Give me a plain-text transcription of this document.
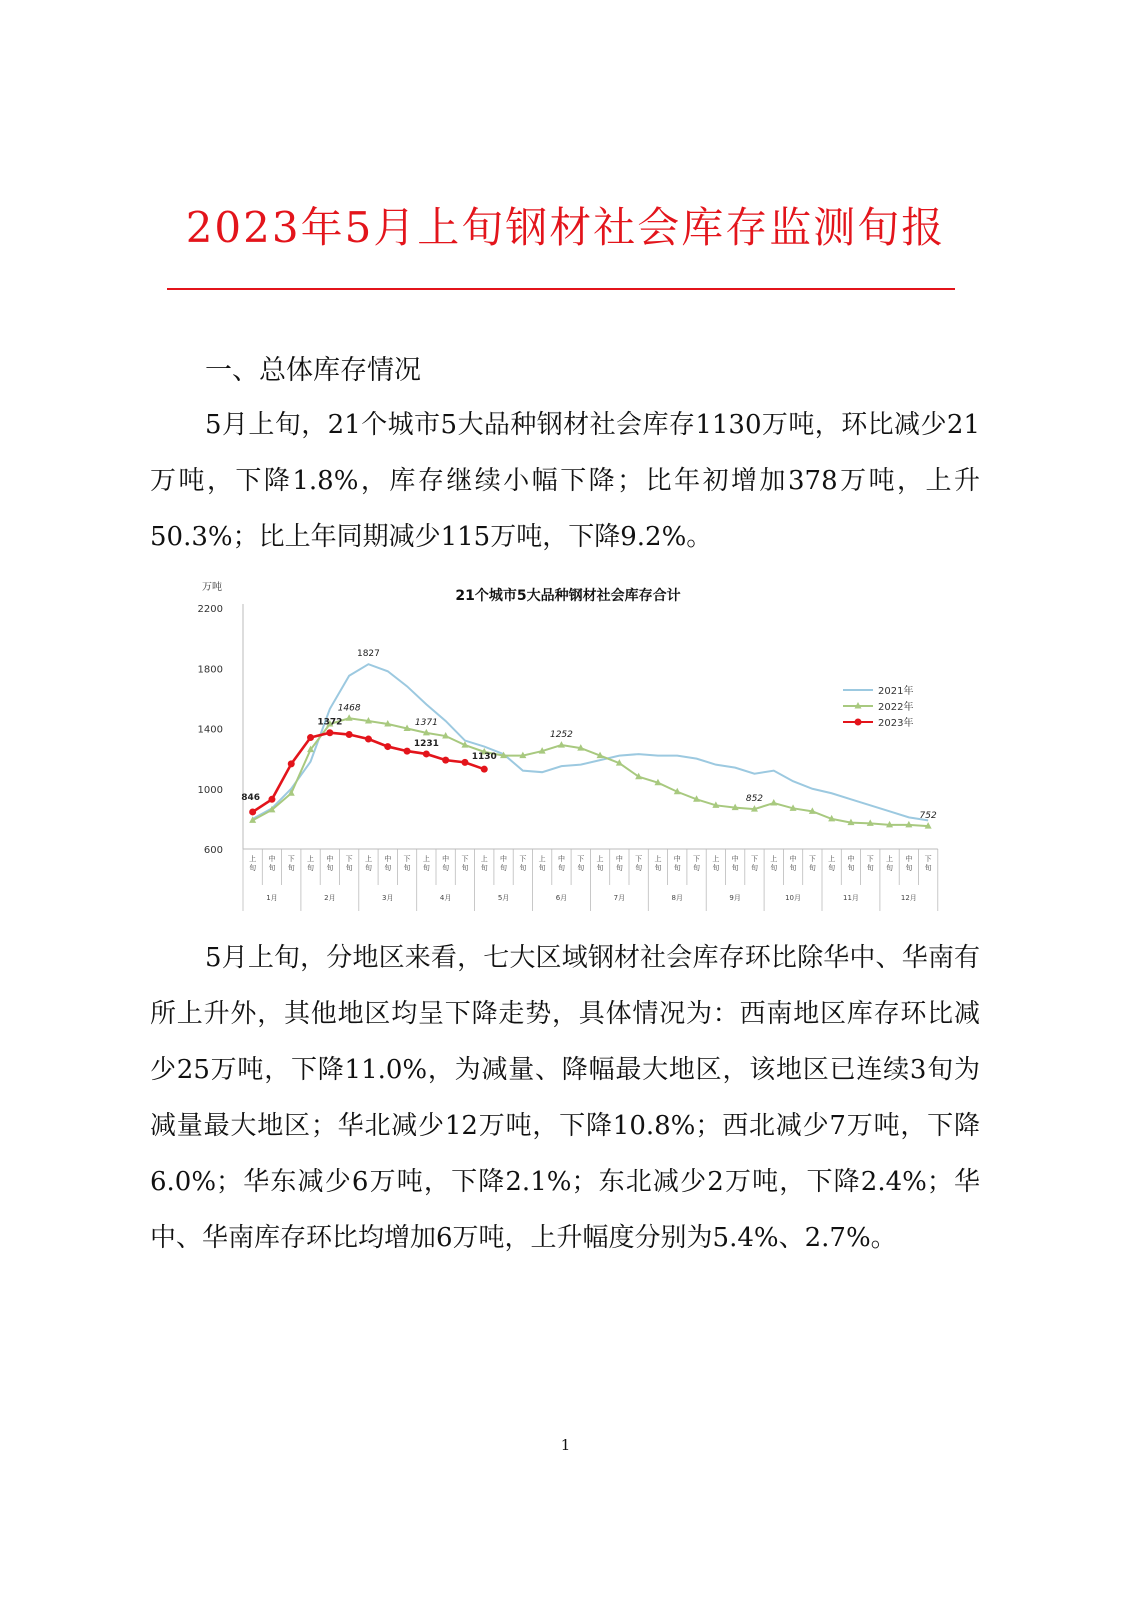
2023年5月上旬钢材社会库存监测旬报
一、总体库存情况

5月上旬，21个城市5大品种钢材社会库存1130万吨，环比减少21万吨，下降1.8%，库存继续小幅下降；比年初增加378万吨，上升50.3%；比上年同期减少115万吨，下降9.2%。

21个城市5大品种钢材社会库存合计
万吨
600
1000
1400
1800
2200
上旬
中旬
下旬
上旬
中旬
下旬
上旬
中旬
下旬
上旬
中旬
下旬
上旬
中旬
下旬
上旬
中旬
下旬
上旬
中旬
下旬
上旬
中旬
下旬
上旬
中旬
下旬
上旬
中旬
下旬
上旬
中旬
下旬
上旬
中旬
下旬
1月	2月	3月	4月	5月	6月	7月	8月	9月	10月	11月	12月
846
1372
1231
1130
1827
1468
1371
1252
852
752
2021年
2022年
2023年

5月上旬，分地区来看，七大区域钢材社会库存环比除华中、华南有所上升外，其他地区均呈下降走势，具体情况为：西南地区库存环比减少25万吨，下降11.0%，为减量、降幅最大地区，该地区已连续3旬为减量最大地区；华北减少12万吨，下降10.8%；西北减少7万吨，下降6.0%；华东减少6万吨，下降2.1%；东北减少2万吨，下降2.4%；华中、华南库存环比均增加6万吨，上升幅度分别为5.4%、2.7%。

1
